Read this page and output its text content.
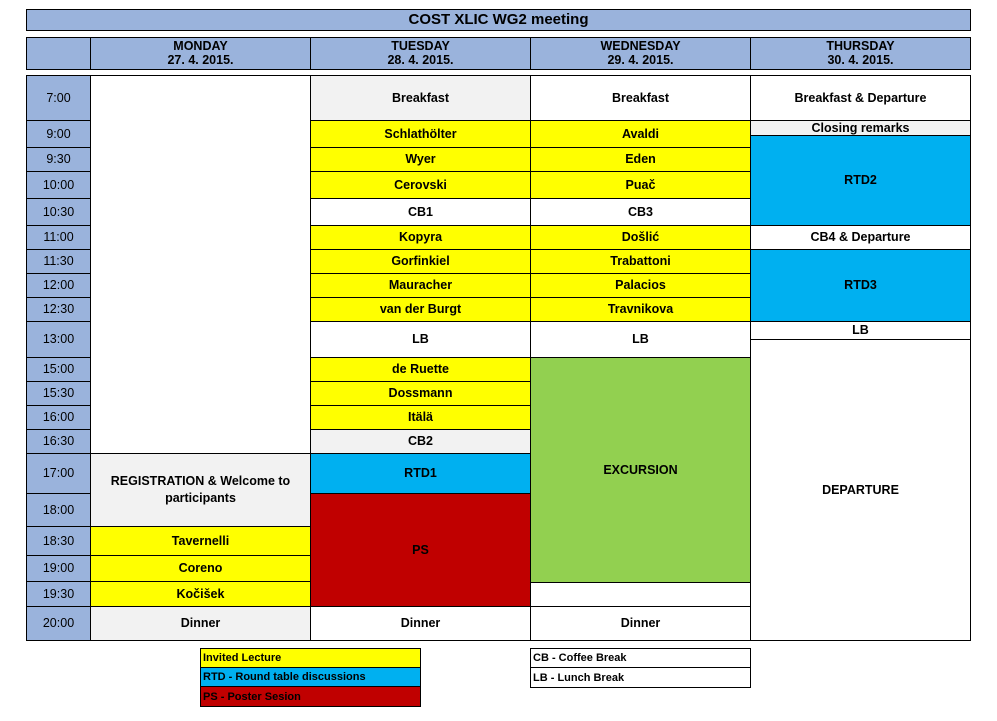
COST XLIC WG2 meeting
MONDAY
27. 4. 2015.
TUESDAY
28. 4. 2015.
WEDNESDAY
29. 4. 2015.
THURSDAY
30. 4. 2015.
7:00
9:00
9:30
10:00
10:30
11:00
11:30
12:00
12:30
13:00
15:00
15:30
16:00
16:30
17:00
18:00
18:30
19:00
19:30
20:00
REGISTRATION & Welcome to participants
Tavernelli
Coreno
Kočišek
Dinner
Breakfast
Schlathölter
Wyer
Cerovski
CB1
Kopyra
Gorfinkiel
Mauracher
van der Burgt
LB
de Ruette
Dossmann
Itälä
CB2
RTD1
PS
Dinner
Breakfast
Avaldi
Eden
Puač
CB3
Došlić
Trabattoni
Palacios
Travnikova
LB
EXCURSION
Dinner
Breakfast & Departure
Closing remarks
RTD2
CB4 & Departure
RTD3
LB
DEPARTURE
Invited Lecture
RTD - Round table discussions
PS - Poster Sesion
CB - Coffee Break
LB - Lunch Break
